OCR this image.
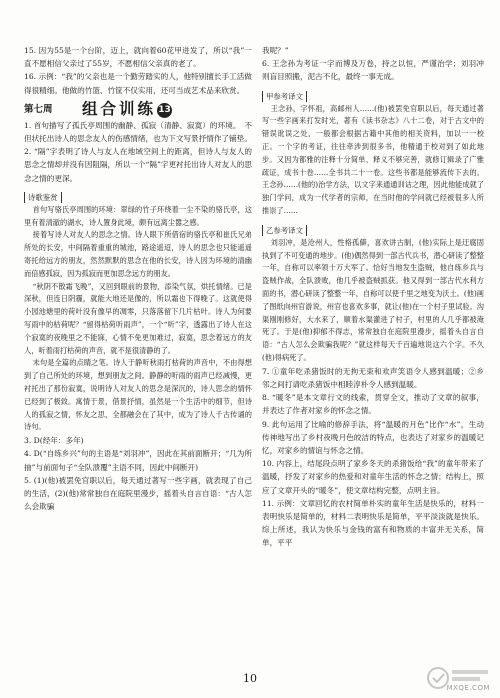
15. 因为55是一个台阶，迈上，就向着60花甲进发了，所以“我”一直不愿相信父亲过了55岁，不愿相信父亲真的老了。

16. 示例：“我”的父亲也是一个勤劳踏实的人，他特别擅长手工活做得很精细。他做的竹篮、竹筐不仅实用，还可当成艺术品来欣赏。

第七周 组合训练 13

1. 首句描写了孤氏亭周围的幽静、孤寂（清静、寂寞）的环境。　不但状托出诗人的思念友人的伤感情绪，也为下文写景抒情作了铺垫。

2. “隔”字表明了诗人与友人在地域空间上的距离，但诗人与友人的思念之情却并没有因阻隔，所以一个“隔”字更衬托出诗人对友人的思念之情的更深。

诗歌鉴赏

首句写骆氏亭周围的环境：翠绿的竹子环绕着一尘不染的骆氏亭，这里有着清澈的湖水，诗人置身此境，颇有远离尘嚣之感。

接着写诗人对友人的思念之情。诗人眼下所借宿的骆氏亭和崔氏兄弟所处的长安，中间隔着重重的城池，路途遥迢，诗人的思念也只能遥遥寄托给远方的朋友，然然默默的思念在他的长安，诗人因为环境的清幽而倍感孤寂，因为孤寂而更加思念远方的朋友。

“秋阴不散霜飞晚”，又回到眼前的景物，添染气氛，烘托情绪。已是深秋，但连日阴霾，就能大地还是像的，所以霜也下得晚了。这就使得小园池塘里的荷叶没有像早的凋零，只落落留下几片枯叶。诗人为何要写雨中的枯荷呢？“留得枯荷听雨声”，一个“听”字，透露出了诗人在这个寂寞的夜晚里之不能寐，心情不免更加难过，寂寞，思念着远方的友人，听着雨打枯荷的声音，就不是很清静的了。

末句是全篇的点睛之笔。诗人于静听秋雨打枯荷的声音中，不由得想到了自己所处的环境，想到朋友之间。静静的听雨的雨声已经减慢，更衬托出了那份寂寞，说明诗人对友人的思念是深沉的，诗人思念的情怀已经到了极致。寓情于景，借景抒情，虽然是一个生活中的细节，但诗人的孤寂之情，怀友之思，全都融会在了其中，成为了诗人千古传诵的诗句。

3. D(经年：多年)

4. D(“自练乡兴”句的主语是“刘羽冲”，因此在其前面断开；“几为所抽”与前面句子“全队溃覆”主语不同，因此中间断开)

5. (1)(他)被罢免官职以后，每天通过著写一些字画，就表现了自己的生活，(2)(他)常常独自在庭院里漫步，摇着头自言自语：“古人怎么会欺骗

我呢？”

6. 王念孙为考证一字而博及万卷，持之以恒，严谨治学；刘羽冲则盲目照搬，泥古不化，最终一事无成。

甲参考译文

王念孙，字怀祖，高邮州人……(他)被罢免官职以后，每天通过著写一些字画来打发时光，著有《读书杂志》八十二卷，对于古文中的错误讹误之处，一般都会根据古籍中其他的相关资料，加以一一校正。一个字的考证，往往牵涉到很多书，他精通于校对到了如此地步。又因为都雅的注释十分简单、释义不够完善，就修订辑录了广雅疏证，成书十卷……全书共二十一卷。这些书都是能够流传下去的。王念孙……(他的)治学方法，以文字来通通训诂之理，因此他能成就了独门学问，成为一代学者的宗师，在当时他的学问就已经被很多人所推崇了……

乙参考译文

刘羽冲，是沧州人，性格孤僻，喜欢讲古制，(他)实际上是迂腐固执到了不可变通的地步。(他)偶然得到一部古代兵书，潜心研读了整整一年，自称可以率领十万大军了。恰好当地发生盗贼，他自练乡兵与盗贼作战，全队溃败，他几乎被盗贼抓获。他又得到一部古代水利方面的书，潜心研读了整整一年，自称可以使千里之地变为沃土。(他)画了图纸向州官游说，州官也喜欢多事，就让(他)在一个村子里试验。沟渠刚刚修好，大水来了，顺着水渠灌进了村子，村里的人几乎都被淹死了。于是(他)抑郁不得志，常常独自在庭院里漫步，摇着头自言自语：“古人怎么会欺骗我呢？”就这样每天千百遍地说这六个字。不久(他)得病死了。

7. ①童年吃杀猪饭时的无拘无束和欢声笑语令人感到温暖；②乡邻之间打请吃杀猪饭中相睦淳朴令人感到温暖。

8. “暖冬”是本文章行文的线索，贯穿全文，推动了文章的叙事，并表达了作者对家乡的怀念之情。

9. 此句运用了比喻的修辞手法，将“温暖的月色”比作“水”，生动传神地写出了乡村夜晚月色皎洁的特点，也表达了对家乡的温暖记忆，对家乡的情谊与怀念之情。

10. 内容上，结尾段点明了家乡冬天的杀猪饭给“我”的童年带来了温暖，抒发了对家乡的热爱和对童年生活的怀念之情；结构上，照应了文章开头的“暖冬”，使文章结构完整，点明主旨。

11. 示例：文章回忆的农村简单朴实的童年生活是快乐的，材料一表明快乐是简单的，材料二表明快乐是简单，平平淡淡就是快乐。综上所述，我认为快乐与金钱的富有和物质的丰富并无关系，简单，平平

10
MXQE.COM
